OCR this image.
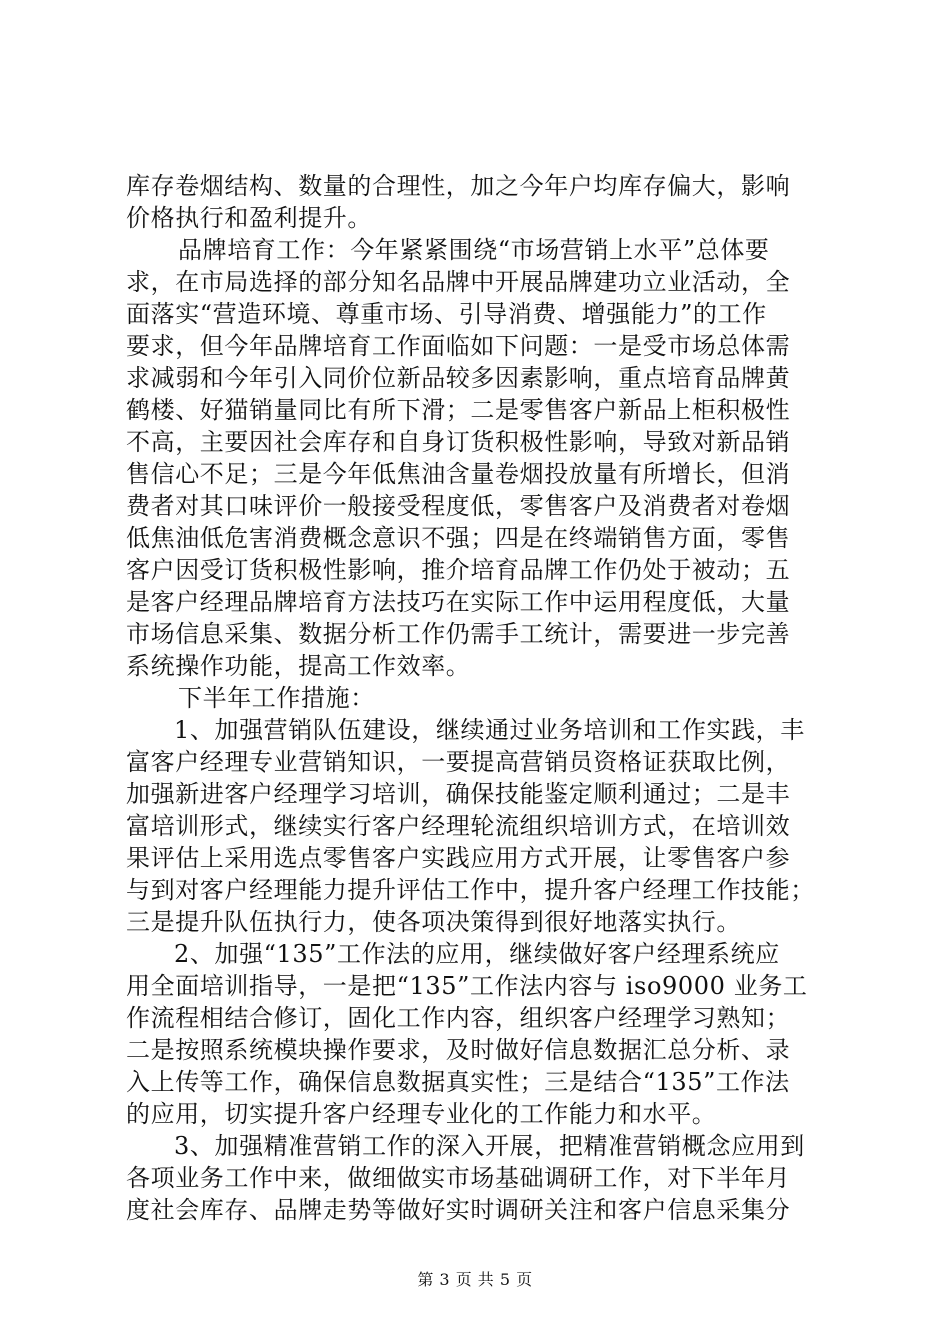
库存卷烟结构、数量的合理性，加之今年户均库存偏大，影响
价格执行和盈利提升。
品牌培育工作：今年紧紧围绕“市场营销上水平”总体要
求，在市局选择的部分知名品牌中开展品牌建功立业活动，全
面落实“营造环境、尊重市场、引导消费、增强能力”的工作
要求，但今年品牌培育工作面临如下问题：一是受市场总体需
求减弱和今年引入同价位新品较多因素影响，重点培育品牌黄
鹤楼、好猫销量同比有所下滑；二是零售客户新品上柜积极性
不高，主要因社会库存和自身订货积极性影响，导致对新品销
售信心不足；三是今年低焦油含量卷烟投放量有所增长，但消
费者对其口味评价一般接受程度低，零售客户及消费者对卷烟
低焦油低危害消费概念意识不强；四是在终端销售方面，零售
客户因受订货积极性影响，推介培育品牌工作仍处于被动；五
是客户经理品牌培育方法技巧在实际工作中运用程度低，大量
市场信息采集、数据分析工作仍需手工统计，需要进一步完善
系统操作功能，提高工作效率。
下半年工作措施：
1、加强营销队伍建设，继续通过业务培训和工作实践，丰
富客户经理专业营销知识，一要提高营销员资格证获取比例，
加强新进客户经理学习培训，确保技能鉴定顺利通过；二是丰
富培训形式，继续实行客户经理轮流组织培训方式，在培训效
果评估上采用选点零售客户实践应用方式开展，让零售客户参
与到对客户经理能力提升评估工作中，提升客户经理工作技能；
三是提升队伍执行力，使各项决策得到很好地落实执行。
2、加强“135”工作法的应用，继续做好客户经理系统应
用全面培训指导，一是把“135”工作法内容与 iso9000 业务工
作流程相结合修订，固化工作内容，组织客户经理学习熟知；
二是按照系统模块操作要求，及时做好信息数据汇总分析、录
入上传等工作，确保信息数据真实性；三是结合“135”工作法
的应用，切实提升客户经理专业化的工作能力和水平。
3、加强精准营销工作的深入开展，把精准营销概念应用到
各项业务工作中来，做细做实市场基础调研工作，对下半年月
度社会库存、品牌走势等做好实时调研关注和客户信息采集分
第 3 页 共 5 页
